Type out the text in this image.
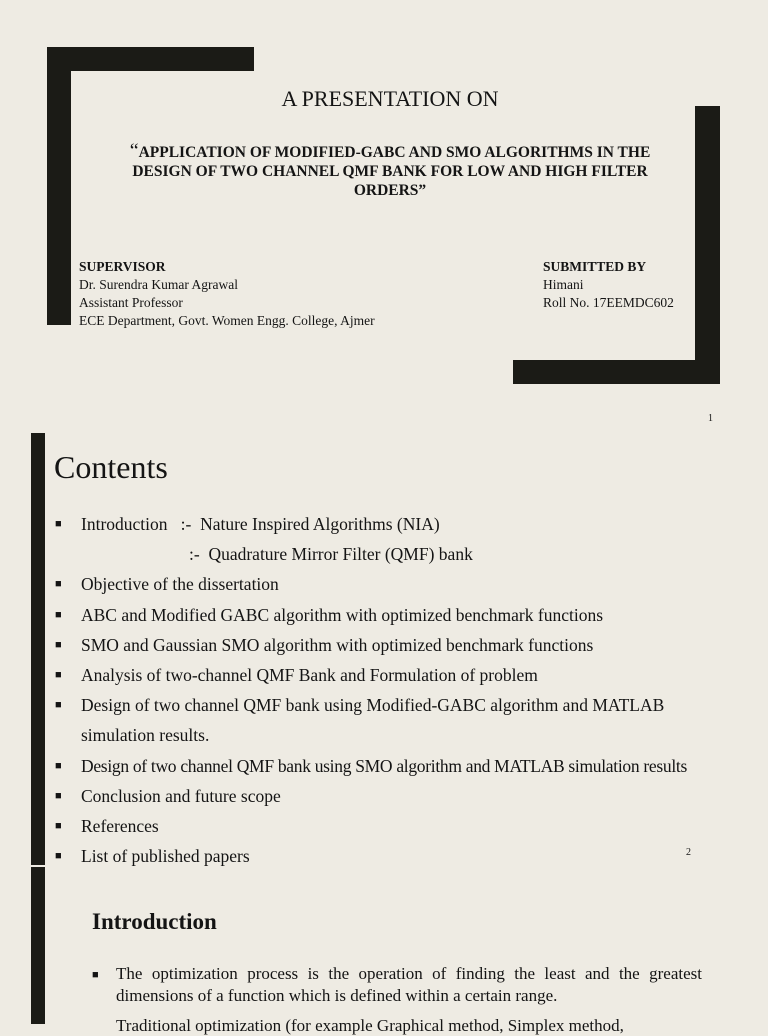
A PRESENTATION ON
“APPLICATION OF MODIFIED-GABC AND SMO ALGORITHMS IN THE DESIGN OF TWO CHANNEL QMF BANK FOR LOW AND HIGH FILTER ORDERS”
SUPERVISOR
Dr. Surendra Kumar Agrawal
Assistant Professor
ECE Department, Govt. Women Engg. College, Ajmer
SUBMITTED BY
Himani
Roll No. 17EEMDC602
1
Contents
■ Introduction   :-  Nature Inspired Algorithms (NIA)
:-  Quadrature Mirror Filter (QMF) bank
■ Objective of the dissertation
■ ABC and Modified GABC algorithm with optimized benchmark functions
■ SMO and Gaussian SMO algorithm with optimized benchmark functions
■ Analysis of two-channel QMF Bank and Formulation of problem
■ Design of two channel QMF bank using Modified-GABC algorithm and MATLAB
simulation results.
■ Design of two channel QMF bank using SMO algorithm and MATLAB simulation results
■ Conclusion and future scope
■ References
■ List of published papers	2
Introduction
■	The optimization process is the operation of finding the least and the greatest dimensions of a function which is defined within a certain range.
Traditional optimization (for example Graphical method, Simplex method,
